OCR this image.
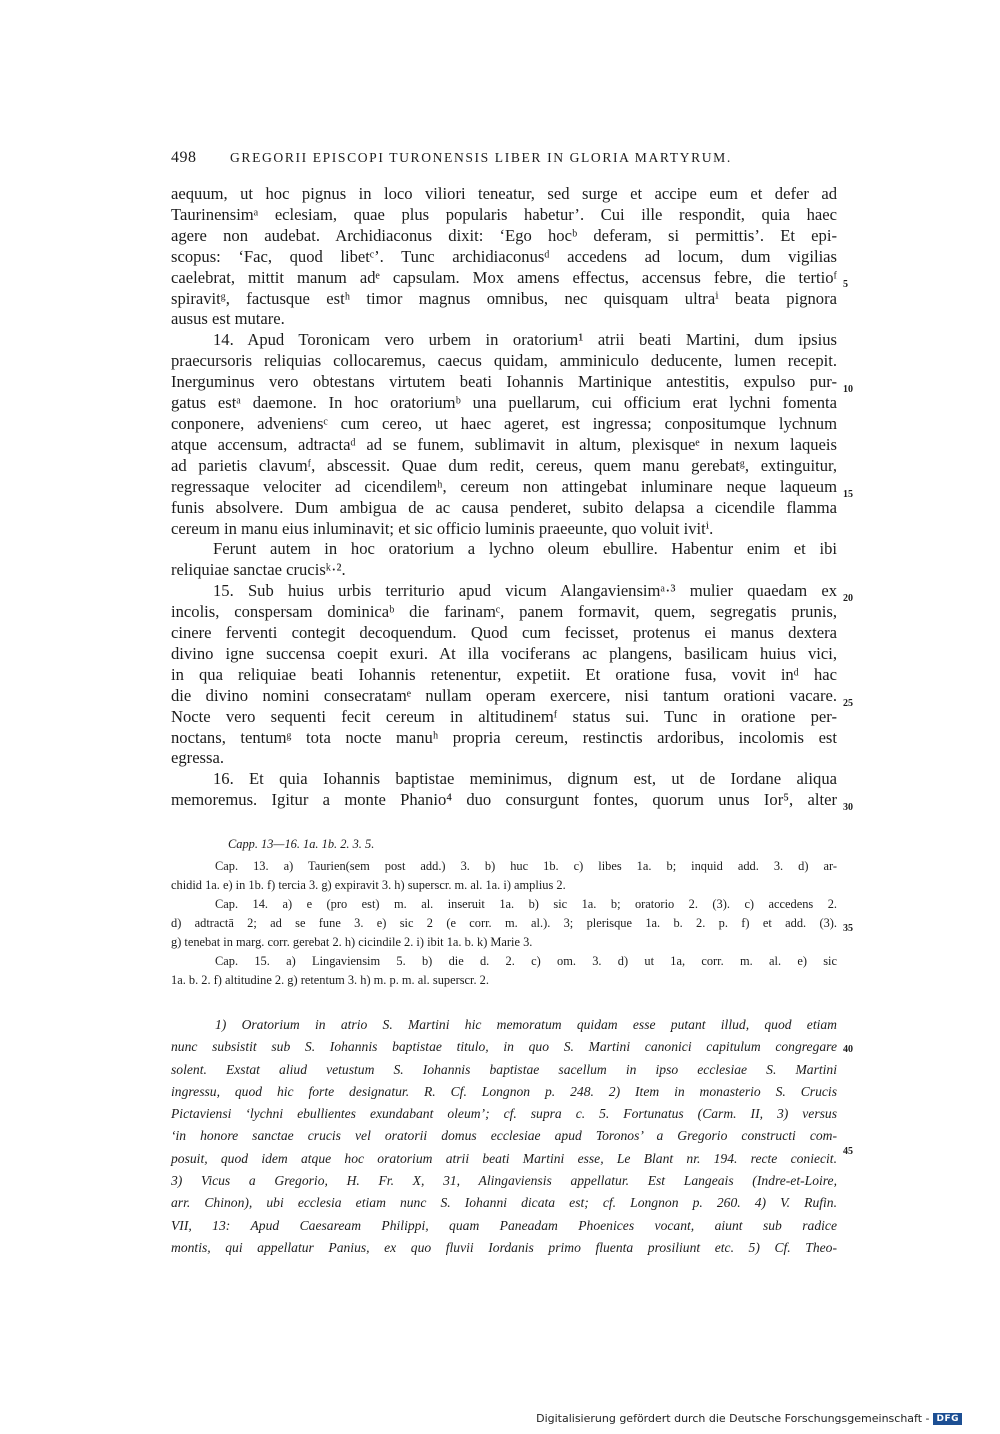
498 GREGORII EPISCOPI TURONENSIS LIBER IN GLORIA MARTYRUM.
aequum, ut hoc pignus in loco viliori teneatur, sed surge et accipe eum et defer ad
Taurinensimᵃ eclesiam, quae plus popularis habetur’. Cui ille respondit, quia haec
agere non audebat. Archidiaconus dixit: ‘Ego hocᵇ deferam, si permittis’. Et epi-
scopus: ‘Fac, quod libetᶜ’. Tunc archidiaconusᵈ accedens ad locum, dum vigilias
caelebrat, mittit manum adᵉ capsulam. Mox amens effectus, accensus febre, die tertioᶠ
spiravitᵍ, factusque estʰ timor magnus omnibus, nec quisquam ultraⁱ beata pignora
ausus est mutare.
14. Apud Toronicam vero urbem in oratorium¹ atrii beati Martini, dum ipsius
praecursoris reliquias collocaremus, caecus quidam, amminiculo deducente, lumen recepit.
Inerguminus vero obtestans virtutem beati Iohannis Martinique antestitis, expulso pur-
gatus estᵃ daemone. In hoc oratoriumᵇ una puellarum, cui officium erat lychni fomenta
conponere, adveniensᶜ cum cereo, ut haec ageret, est ingressa; conpositumque lychnum
atque accensum, adtractaᵈ ad se funem, sublimavit in altum, plexisqueᵉ in nexum laqueis
ad parietis clavumᶠ, abscessit. Quae dum redit, cereus, quem manu gerebatᵍ, extinguitur,
regressaque velociter ad cicendilemʰ, cereum non attingebat inluminare neque laqueum
funis absolvere. Dum ambigua de ac causa penderet, subito delapsa a cicendile flamma
cereum in manu eius inluminavit; et sic officio luminis praeeunte, quo voluit ivitⁱ.
Ferunt autem in hoc oratorium a lychno oleum ebullire. Habentur enim et ibi
reliquiae sanctae crucisᵏ·².
15. Sub huius urbis territurio apud vicum Alangaviensimᵃ·³ mulier quaedam ex
incolis, conspersam dominicaᵇ die farinamᶜ, panem formavit, quem, segregatis prunis,
cinere ferventi contegit decoquendum. Quod cum fecisset, protenus ei manus dextera
divino igne succensa coepit exuri. At illa vociferans ac plangens, basilicam huius vici,
in qua reliquiae beati Iohannis retenentur, expetiit. Et oratione fusa, vovit inᵈ hac
die divino nomini consecratamᵉ nullam operam exercere, nisi tantum orationi vacare.
Nocte vero sequenti fecit cereum in altitudinemᶠ status sui. Tunc in oratione per-
noctans, tentumᵍ tota nocte manuʰ propria cereum, restinctis ardoribus, incolomis est
egressa.
16. Et quia Iohannis baptistae meminimus, dignum est, ut de Iordane aliqua
memoremus. Igitur a monte Phanio⁴ duo consurgunt fontes, quorum unus Ior⁵, alter
5
10
15
20
25
30
Capp. 13—16. 1a. 1b. 2. 3. 5.
Cap. 13. a) Taurien(sem post add.) 3. b) huc 1b. c) libes 1a. b; inquid add. 3. d) ar-
chidid 1a. e) in 1b. f) tercia 3. g) expiravit 3. h) superscr. m. al. 1a. i) amplius 2.
Cap. 14. a) e (pro est) m. al. inseruit 1a. b) sic 1a. b; oratorio 2. (3). c) accedens 2.
d) adtractā 2; ad se fune 3. e) sic 2 (e corr. m. al.). 3; plerisque 1a. b. 2. p. f) et add. (3).
g) tenebat in marg. corr. gerebat 2. h) cicindile 2. i) ibit 1a. b. k) Marie 3.
Cap. 15. a) Lingaviensim 5. b) die d. 2. c) om. 3. d) ut 1a, corr. m. al. e) sic
1a. b. 2. f) altitudine 2. g) retentum 3. h) m. p. m. al. superscr. 2.
35
1) Oratorium in atrio S. Martini hic memoratum quidam esse putant illud, quod etiam
nunc subsistit sub S. Iohannis baptistae titulo, in quo S. Martini canonici capitulum congregare
solent. Exstat aliud vetustum S. Iohannis baptistae sacellum in ipso ecclesiae S. Martini
ingressu, quod hic forte designatur. R. Cf. Longnon p. 248. 2) Item in monasterio S. Crucis
Pictaviensi ‘lychni ebullientes exundabant oleum’; cf. supra c. 5. Fortunatus (Carm. II, 3) versus
‘in honore sanctae crucis vel oratorii domus ecclesiae apud Toronos’ a Gregorio constructi com-
posuit, quod idem atque hoc oratorium atrii beati Martini esse, Le Blant nr. 194. recte coniecit.
3) Vicus a Gregorio, H. Fr. X, 31, Alingaviensis appellatur. Est Langeais (Indre-et-Loire,
arr. Chinon), ubi ecclesia etiam nunc S. Iohanni dicata est; cf. Longnon p. 260. 4) V. Rufin.
VII, 13: Apud Caesaream Philippi, quam Paneadam Phoenices vocant, aiunt sub radice
montis, qui appellatur Panius, ex quo fluvii Iordanis primo fluenta prosiliunt etc. 5) Cf. Theo-
40
45
Digitalisierung gefördert durch die Deutsche Forschungsgemeinschaft - DFG
